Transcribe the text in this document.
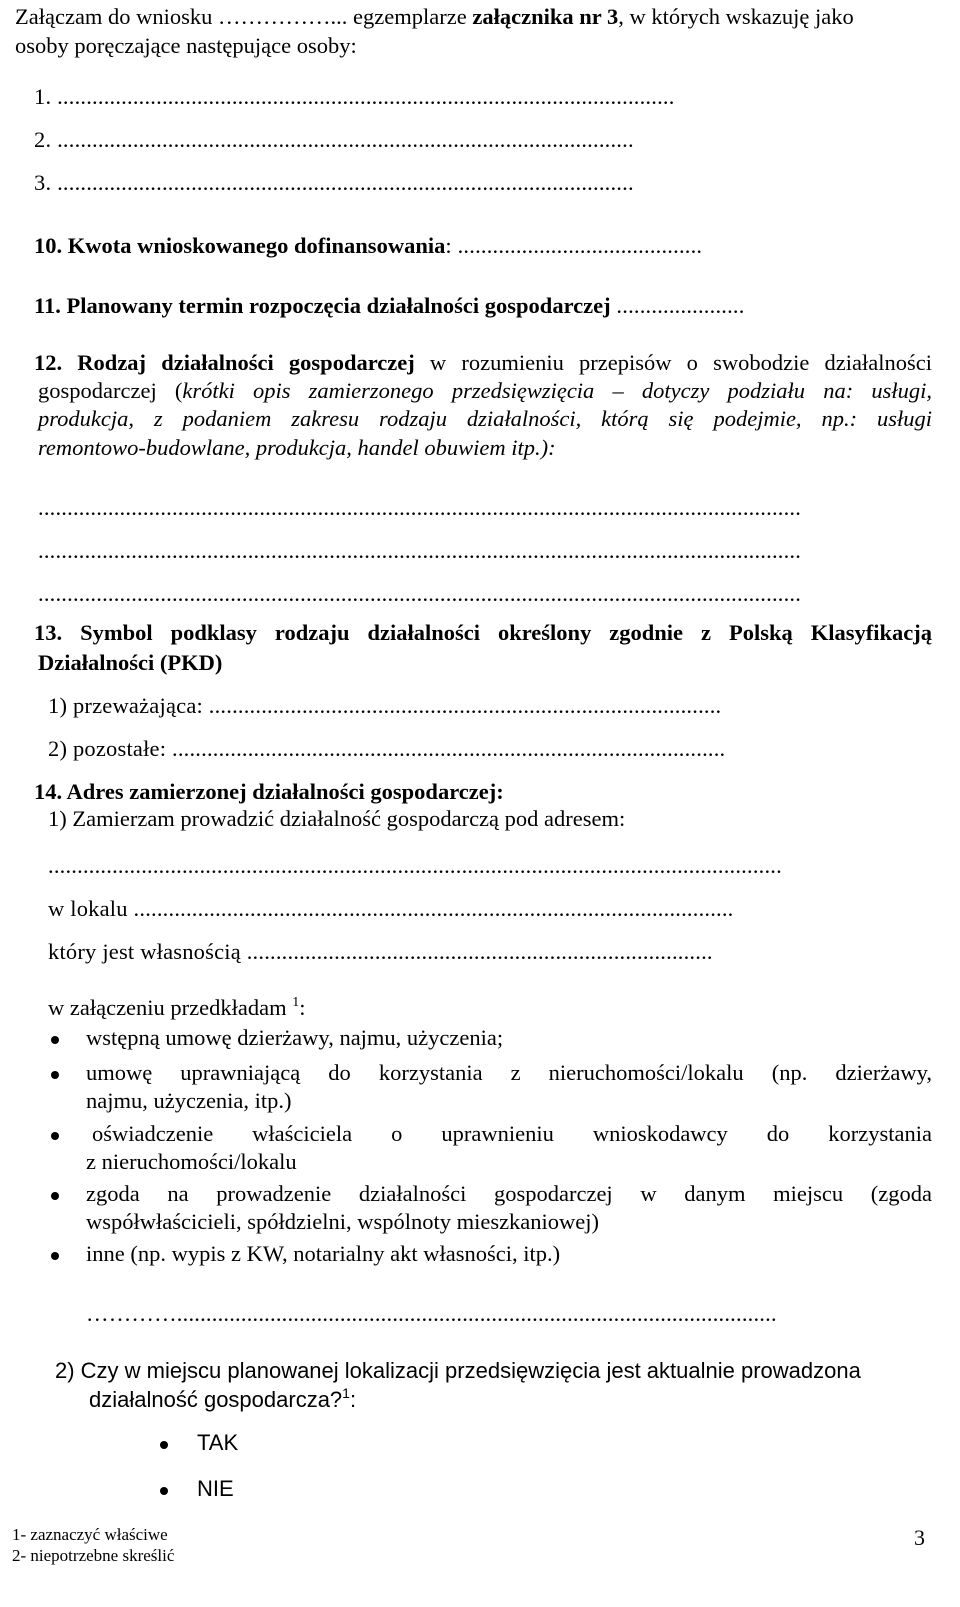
Załączam do wniosku ……………... egzemplarze załącznika nr 3, w których wskazuję jako
osoby poręczające następujące osoby:
1. ..........................................................................................................
2. ...................................................................................................
3. ...................................................................................................
10. Kwota wnioskowanego dofinansowania: ..........................................
11. Planowany termin rozpoczęcia działalności gospodarczej ......................
12. Rodzaj działalności gospodarczej w rozumieniu przepisów o swobodzie działalności
gospodarczej (krótki opis zamierzonego przedsięwzięcia – dotyczy podziału na: usługi,
produkcja, z podaniem zakresu rodzaju działalności, którą się podejmie, np.: usługi
remontowo-budowlane, produkcja, handel obuwiem itp.):
...................................................................................................................................
...................................................................................................................................
...................................................................................................................................
13. Symbol podklasy rodzaju działalności określony zgodnie z Polską Klasyfikacją
Działalności (PKD)
1) przeważająca: ........................................................................................
2) pozostałe: ...............................................................................................
14. Adres zamierzonej działalności gospodarczej:
1) Zamierzam prowadzić działalność gospodarczą pod adresem:
..............................................................................................................................
w lokalu .......................................................................................................
który jest własnością ................................................................................
w załączeniu przedkładam $^1$:
wstępną umowę dzierżawy, najmu, użyczenia;
umowę uprawniającą do korzystania z nieruchomości/lokalu (np. dzierżawy,
najmu, użyczenia, itp.)
oświadczenie właściciela o uprawnieniu wnioskodawcy do korzystania
z nieruchomości/lokalu
zgoda na prowadzenie działalności gospodarczej w danym miejscu (zgoda
współwłaścicieli, spółdzielni, wspólnoty mieszkaniowej)
inne (np. wypis z KW, notarialny akt własności, itp.)
………….......................................................................................................
2) Czy w miejscu planowanej lokalizacji przedsięwzięcia jest aktualnie prowadzona
działalność gospodarcza?$^1$:
TAK
NIE
1- zaznaczyć właściwe
2- niepotrzebne skreślić
3
